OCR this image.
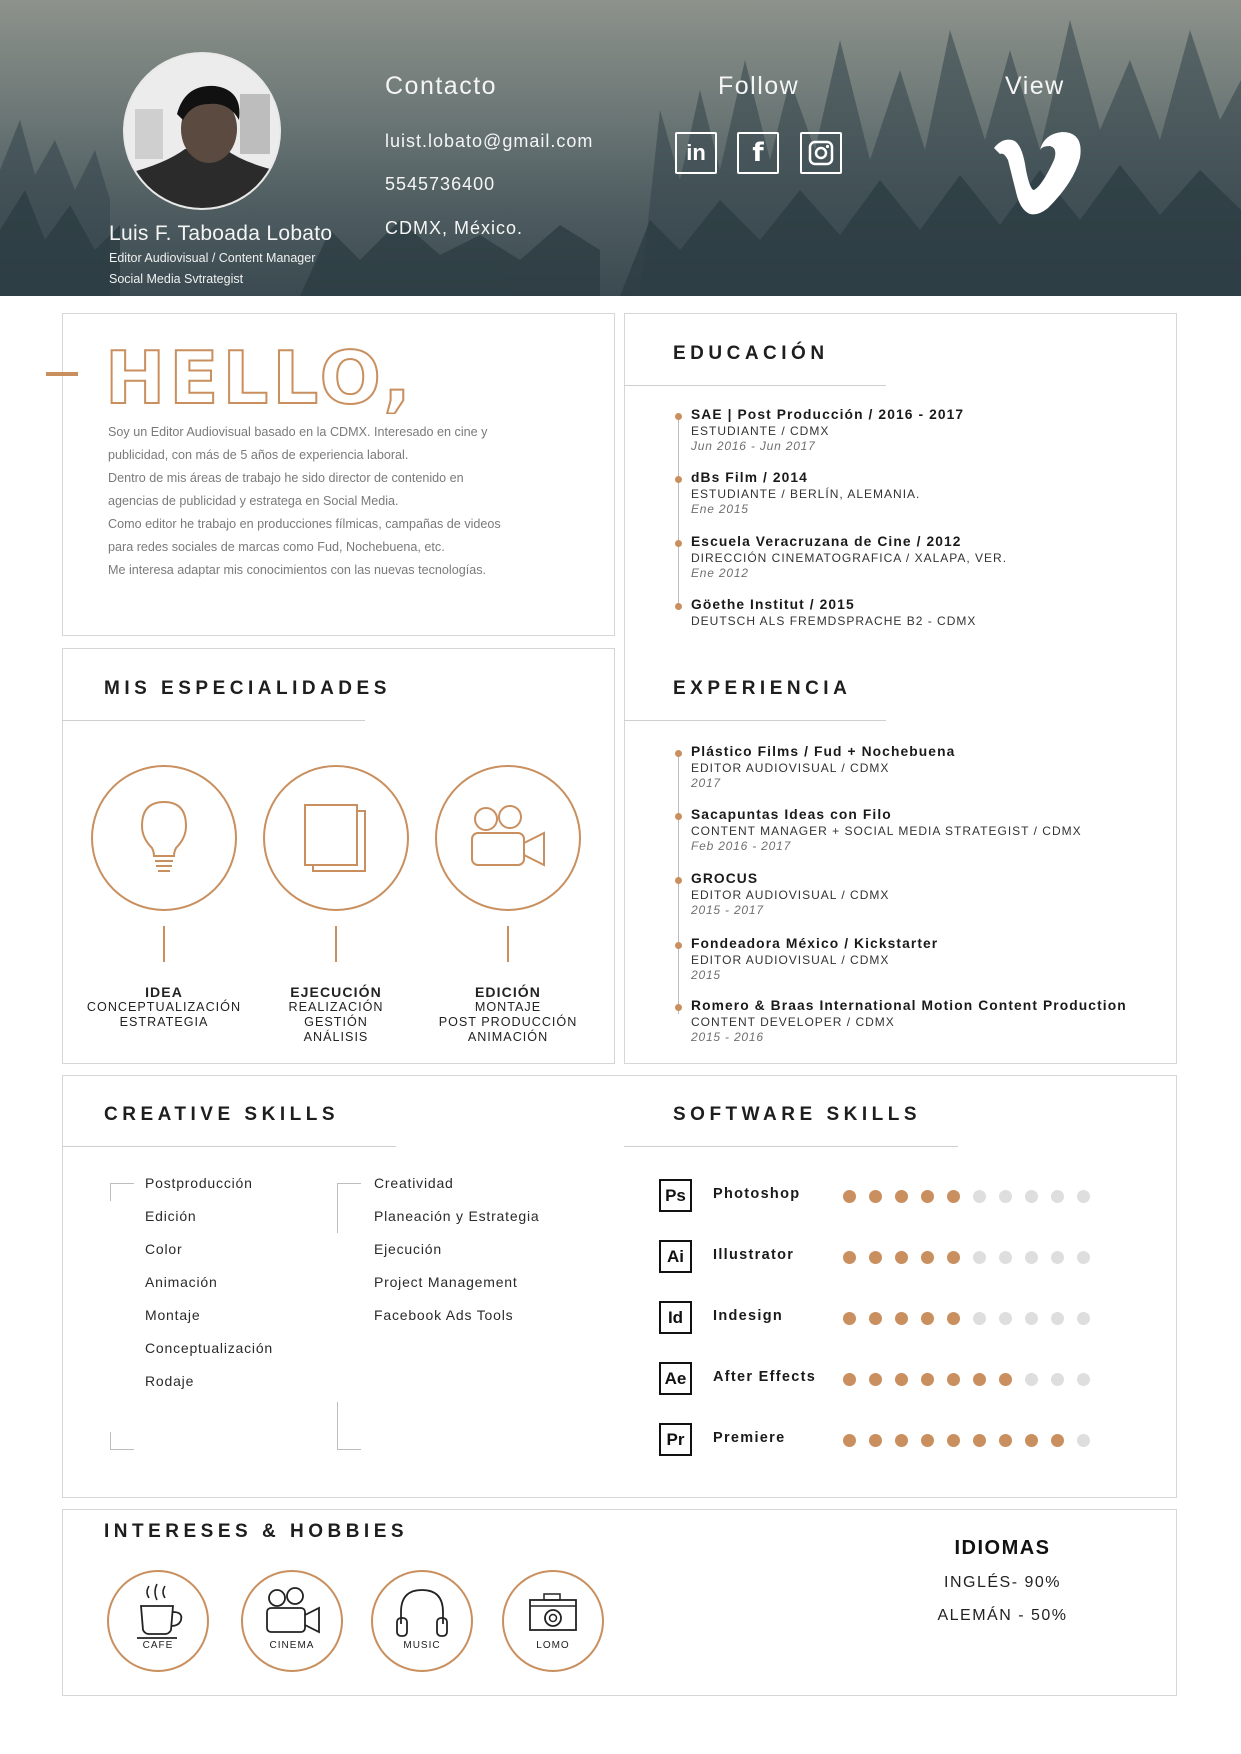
Luis F. Taboada Lobato
Editor Audiovisual / Content Manager
Social Media Svtrategist
Contacto	Follow	View
luist.lobato@gmail.com
5545736400
CDMX, México.
in f
HELLO,

Soy un Editor Audiovisual basado en la CDMX. Interesado en cine y

publicidad, con más de 5 años de experiencia laboral.

Dentro de mis áreas de trabajo he sido director de contenido en

agencias de publicidad y estratega en Social Media.

Como editor he trabajo en producciones fílmicas, campañas de videos

para redes sociales de marcas como Fud, Nochebuena, etc.

Me interesa adaptar mis conocimientos con las nuevas tecnologías.

EDUCACIÓN
SAE | Post Producción / 2016 - 2017
ESTUDIANTE / CDMX
Jun 2016 - Jun 2017
dBs Film / 2014
ESTUDIANTE / BERLÍN, ALEMANIA.
Ene 2015
Escuela Veracruzana de Cine / 2012
DIRECCIÓN CINEMATOGRAFICA / XALAPA, VER.
Ene 2012
Göethe Institut / 2015
DEUTSCH ALS FREMDSPRACHE B2 - CDMX
EXPERIENCIA
Plástico Films / Fud + Nochebuena
EDITOR AUDIOVISUAL / CDMX
2017
Sacapuntas Ideas con Filo
CONTENT MANAGER + SOCIAL MEDIA STRATEGIST / CDMX
Feb 2016 - 2017
GROCUS
EDITOR AUDIOVISUAL / CDMX
2015 - 2017
Fondeadora México / Kickstarter
EDITOR AUDIOVISUAL / CDMX
2015
Romero & Braas International Motion Content Production
CONTENT DEVELOPER / CDMX
2015 - 2016
MIS ESPECIALIDADES
IDEA
CONCEPTUALIZACIÓN
ESTRATEGIA
EJECUCIÓN
REALIZACIÓN
GESTIÓN
ANÁLISIS
EDICIÓN
MONTAJE
POST PRODUCCIÓN
ANIMACIÓN
CREATIVE SKILLS	SOFTWARE SKILLS
Postproducción
Edición
Color
Animación
Montaje
Conceptualización
Rodaje
Creatividad
Planeación y Estrategia
Ejecución
Project Management
Facebook Ads Tools
Ps Photoshop
Ai Illustrator
Id Indesign
Ae After Effects
Pr Premiere
INTERESES & HOBBIES
CAFE	CINEMA	MUSIC	LOMO
IDIOMAS
INGLÉS- 90%
ALEMÁN - 50%
